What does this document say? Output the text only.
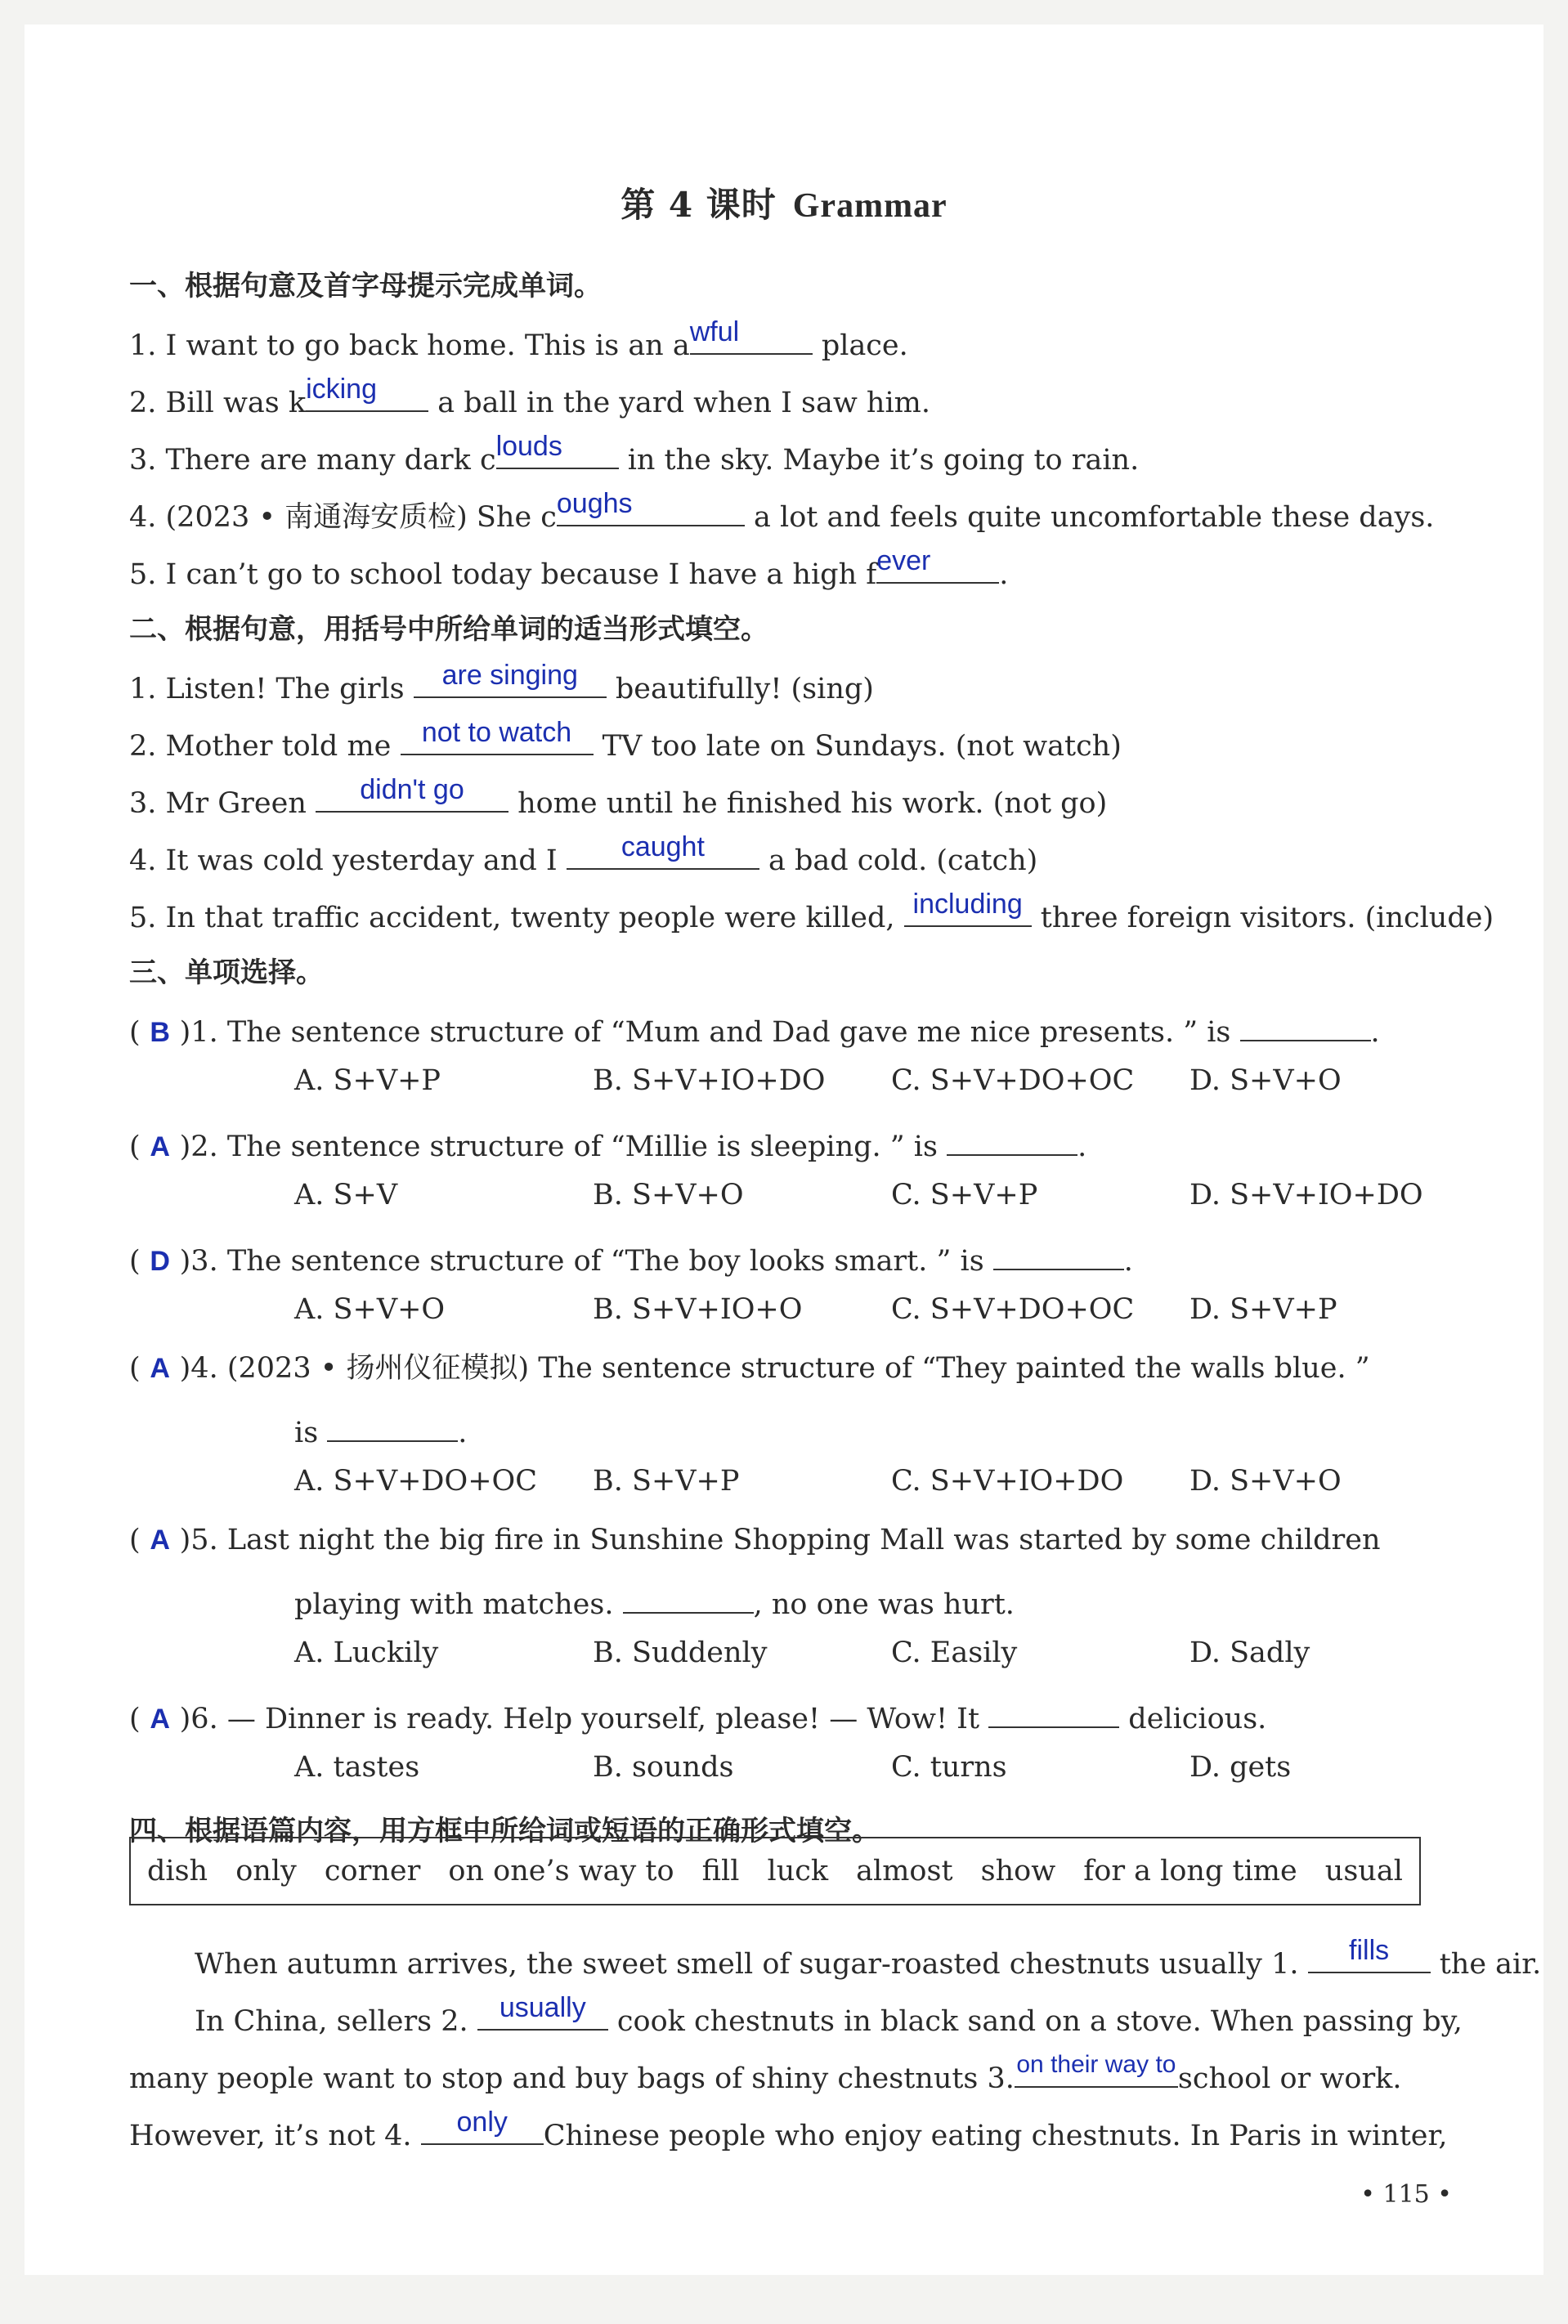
第 4 课时 Grammar
一、根据句意及首字母提示完成单词。
1. I want to go back home. This is an a wful	place.
2. Bill was k icking	a ball in the yard when I saw him.
3. There are many dark c louds	in the sky. Maybe it’s going to rain.
4. (2023 • 南通海安质检) She c oughs	a lot and feels quite uncomfortable these days.
5. I can’t go to school today because I have a high f ever	.
二、根据句意，用括号中所给单词的适当形式填空。
1. Listen! The girls	are singing beautifully! (sing)
2. Mother told me not to watch TV too late on Sundays. (not watch)
3. Mr Green	didn't go	home until he finished his work. (not go)
4. It was cold yesterday and I	caught	a bad cold. (catch)
5. In that traffic accident, twenty people were killed, including three foreign visitors. (include)
三、单项选择。
( B )1. The sentence structure of “Mum and Dad gave me nice presents. ” is	.
A. S+V+P	B. S+V+IO+DO C. S+V+DO+OC D. S+V+O
( A )2. The sentence structure of “Millie is sleeping. ” is	.
A. S+V	B. S+V+O	C. S+V+P	D. S+V+IO+DO
( D )3. The sentence structure of “The boy looks smart. ” is	.
A. S+V+O	B. S+V+IO+O	C. S+V+DO+OC D. S+V+P
( A )4. (2023 • 扬州仪征模拟) The sentence structure of “They painted the walls blue. ”
is	.
A. S+V+DO+OC B. S+V+P	C. S+V+IO+DO D. S+V+O
( A )5. Last night the big fire in Sunshine Shopping Mall was started by some children
playing with matches.	, no one was hurt.
A. Luckily	B. Suddenly	C. Easily	D. Sadly
( A )6. — Dinner is ready. Help yourself, please! — Wow! It	delicious.
A. tastes	B. sounds	C. turns	D. gets
四、根据语篇内容，用方框中所给词或短语的正确形式填空。
dish only corner on one’s way to fill luck almost show for a long time usual
When autumn arrives, the sweet smell of sugar-roasted chestnuts usually 1.	fills	the air.
In China, sellers 2. usually cook chestnuts in black sand on a stove. When passing by,
many people want to stop and buy bags of shiny chestnuts 3. on their way to school or work.
However, it’s not 4.	only	Chinese people who enjoy eating chestnuts. In Paris in winter,
• 115 •
